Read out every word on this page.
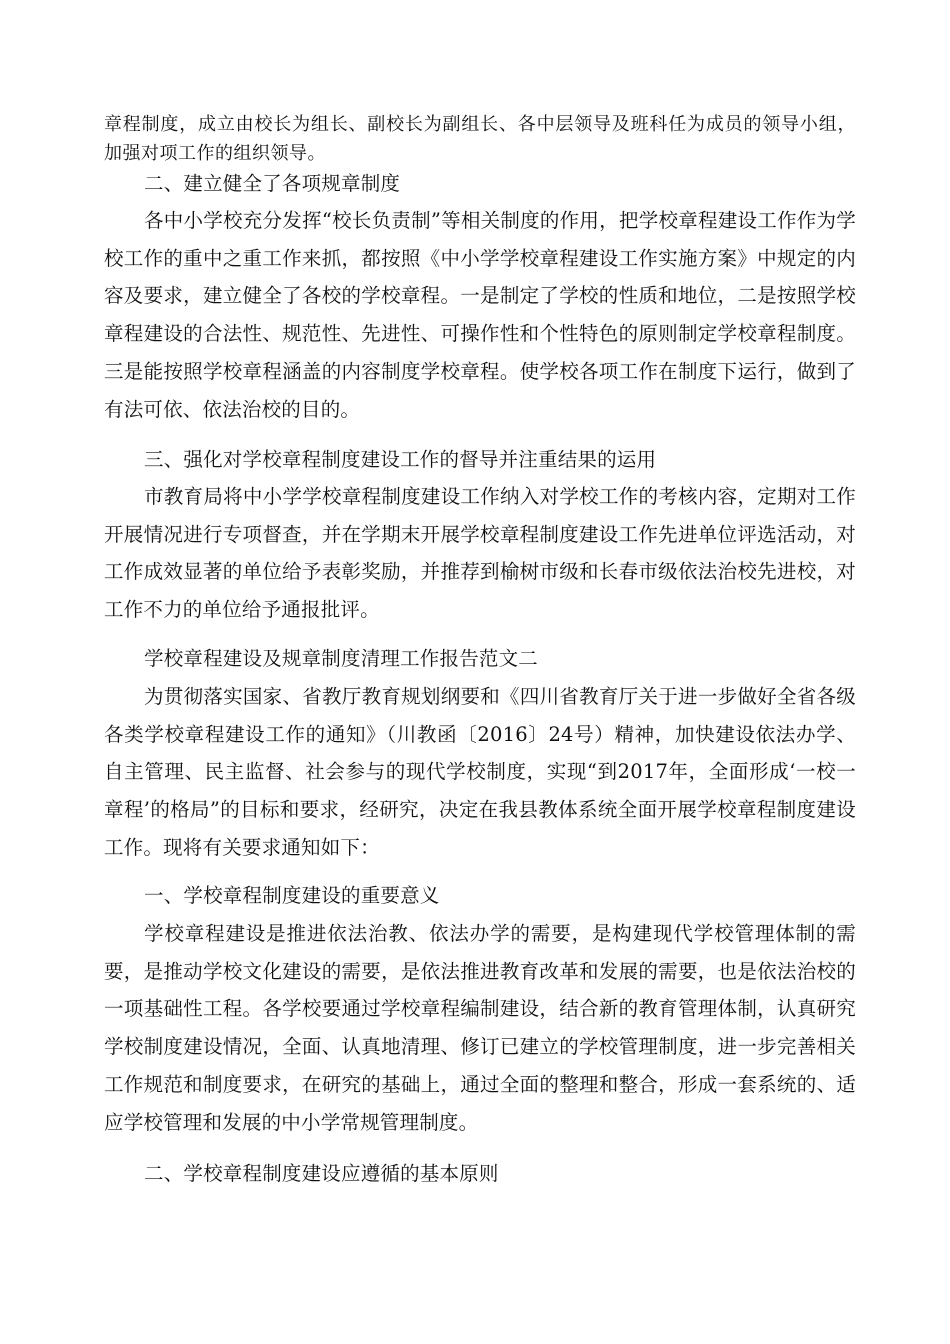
章程制度，成立由校长为组长、副校长为副组长、各中层领导及班科任为成员的领导小组，加强对项工作的组织领导。

二、建立健全了各项规章制度

各中小学校充分发挥“校长负责制”等相关制度的作用，把学校章程建设工作作为学校工作的重中之重工作来抓，都按照《中小学学校章程建设工作实施方案》中规定的内容及要求，建立健全了各校的学校章程。一是制定了学校的性质和地位，二是按照学校章程建设的合法性、规范性、先进性、可操作性和个性特色的原则制定学校章程制度。三是能按照学校章程涵盖的内容制度学校章程。使学校各项工作在制度下运行，做到了有法可依、依法治校的目的。

三、强化对学校章程制度建设工作的督导并注重结果的运用

市教育局将中小学学校章程制度建设工作纳入对学校工作的考核内容，定期对工作开展情况进行专项督查，并在学期末开展学校章程制度建设工作先进单位评选活动，对工作成效显著的单位给予表彰奖励，并推荐到榆树市级和长春市级依法治校先进校，对工作不力的单位给予通报批评。

学校章程建设及规章制度清理工作报告范文二

为贯彻落实国家、省教厅教育规划纲要和《四川省教育厅关于进一步做好全省各级各类学校章程建设工作的通知》（川教函〔2016〕24号）精神，加快建设依法办学、自主管理、民主监督、社会参与的现代学校制度，实现“到2017年，全面形成‘一校一章程’的格局”的目标和要求，经研究，决定在我县教体系统全面开展学校章程制度建设工作。现将有关要求通知如下：

一、学校章程制度建设的重要意义

学校章程建设是推进依法治教、依法办学的需要，是构建现代学校管理体制的需要，是推动学校文化建设的需要，是依法推进教育改革和发展的需要，也是依法治校的一项基础性工程。各学校要通过学校章程编制建设，结合新的教育管理体制，认真研究学校制度建设情况，全面、认真地清理、修订已建立的学校管理制度，进一步完善相关工作规范和制度要求，在研究的基础上，通过全面的整理和整合，形成一套系统的、适应学校管理和发展的中小学常规管理制度。

二、学校章程制度建设应遵循的基本原则
